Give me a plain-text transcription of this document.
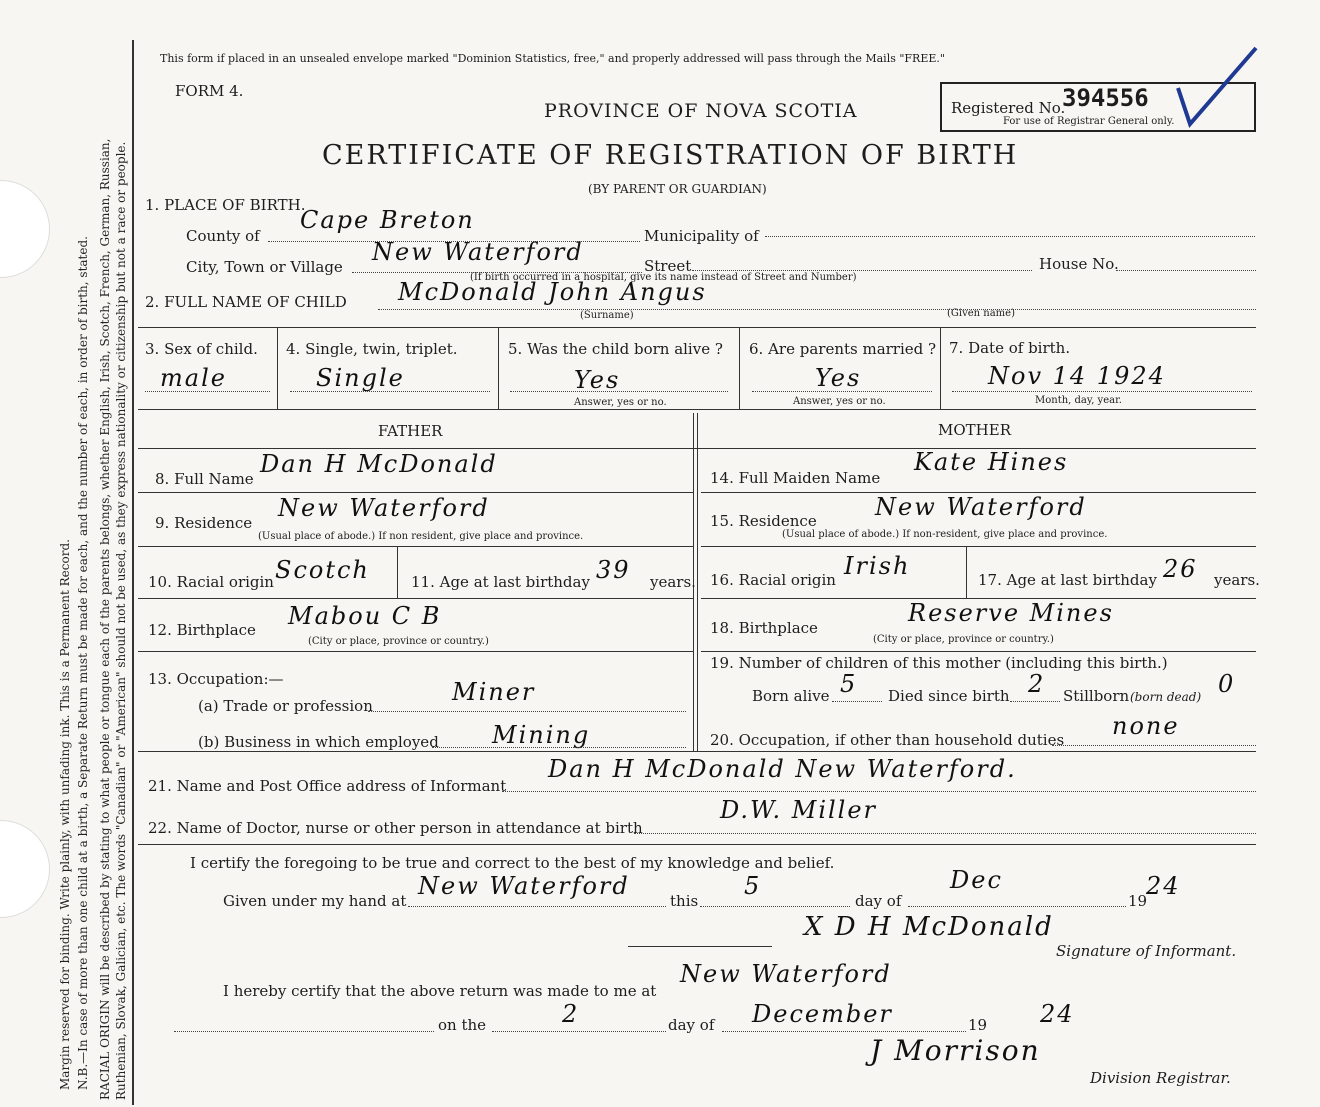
Margin reserved for binding. Write plainly, with unfading ink. This is a Permanent Record. N.B.—In case of more than one child at a birth, a Separate Return must be made for each, and the number of each, in order of birth, stated. RACIAL ORIGIN will be described by stating to what people or tongue each of the parents belongs, whether English, Irish, Scotch, French, German, Russian, Ruthenian, Slovak, Galician, etc. The words "Canadian" or "American" should not be used, as they express nationality or citizenship but not a race or people.
This form if placed in an unsealed envelope marked "Dominion Statistics, free," and properly addressed will pass through the Mails "FREE."
FORM 4.
PROVINCE OF NOVA SCOTIA
CERTIFICATE OF REGISTRATION OF BIRTH
(BY PARENT OR GUARDIAN)
Registered No.
394556
For use of Registrar General only.
1. PLACE OF BIRTH.
County of
Cape Breton
Municipality of
City, Town or Village
New Waterford	Street	House No.
(If birth occurred in a hospital, give its name instead of Street and Number)
2. FULL NAME OF CHILD McDonald John Angus
(Surname)	(Given name)
3. Sex of child.
male
4. Single, twin, triplet.
Single
5. Was the child born alive ?
Yes
Answer, yes or no.
6. Are parents married ?
Yes
Answer, yes or no.
7. Date of birth.
Nov 14 1924
Month, day, year.
FATHER	MOTHER
8. Full Name
Dan H McDonald
9. Residence
New Waterford
(Usual place of abode.) If non resident, give place and province.
10. Racial origin Scotch	11. Age at last birthday 39 years.
12. Birthplace Mabou C B
(City or place, province or country.)
13. Occupation:—
(a) Trade or profession	Miner
(b) Business in which employed Mining
14. Full Maiden Name
Kate Hines
15. Residence New Waterford
(Usual place of abode.) If non-resident, give place and province.
16. Racial origin Irish	17. Age at last birthday 26 years.
18. Birthplace
Reserve Mines
(City or place, province or country.)
19. Number of children of this mother (including this birth.)
Born alive 5 Died since birth 2 Stillborn (born dead) 0
20. Occupation, if other than household duties none
21. Name and Post Office address of Informant
Dan H McDonald New Waterford.
22. Name of Doctor, nurse or other person in attendance at birth
D.W. Miller
I certify the foregoing to be true and correct to the best of my knowledge and belief.
Given under my hand at
New Waterford
this
5
day of
Dec
19
24
X D H McDonald
Signature of Informant.
I hereby certify that the above return was made to me at
New Waterford
on the	2	day of December	19 24
J Morrison
Division Registrar.
